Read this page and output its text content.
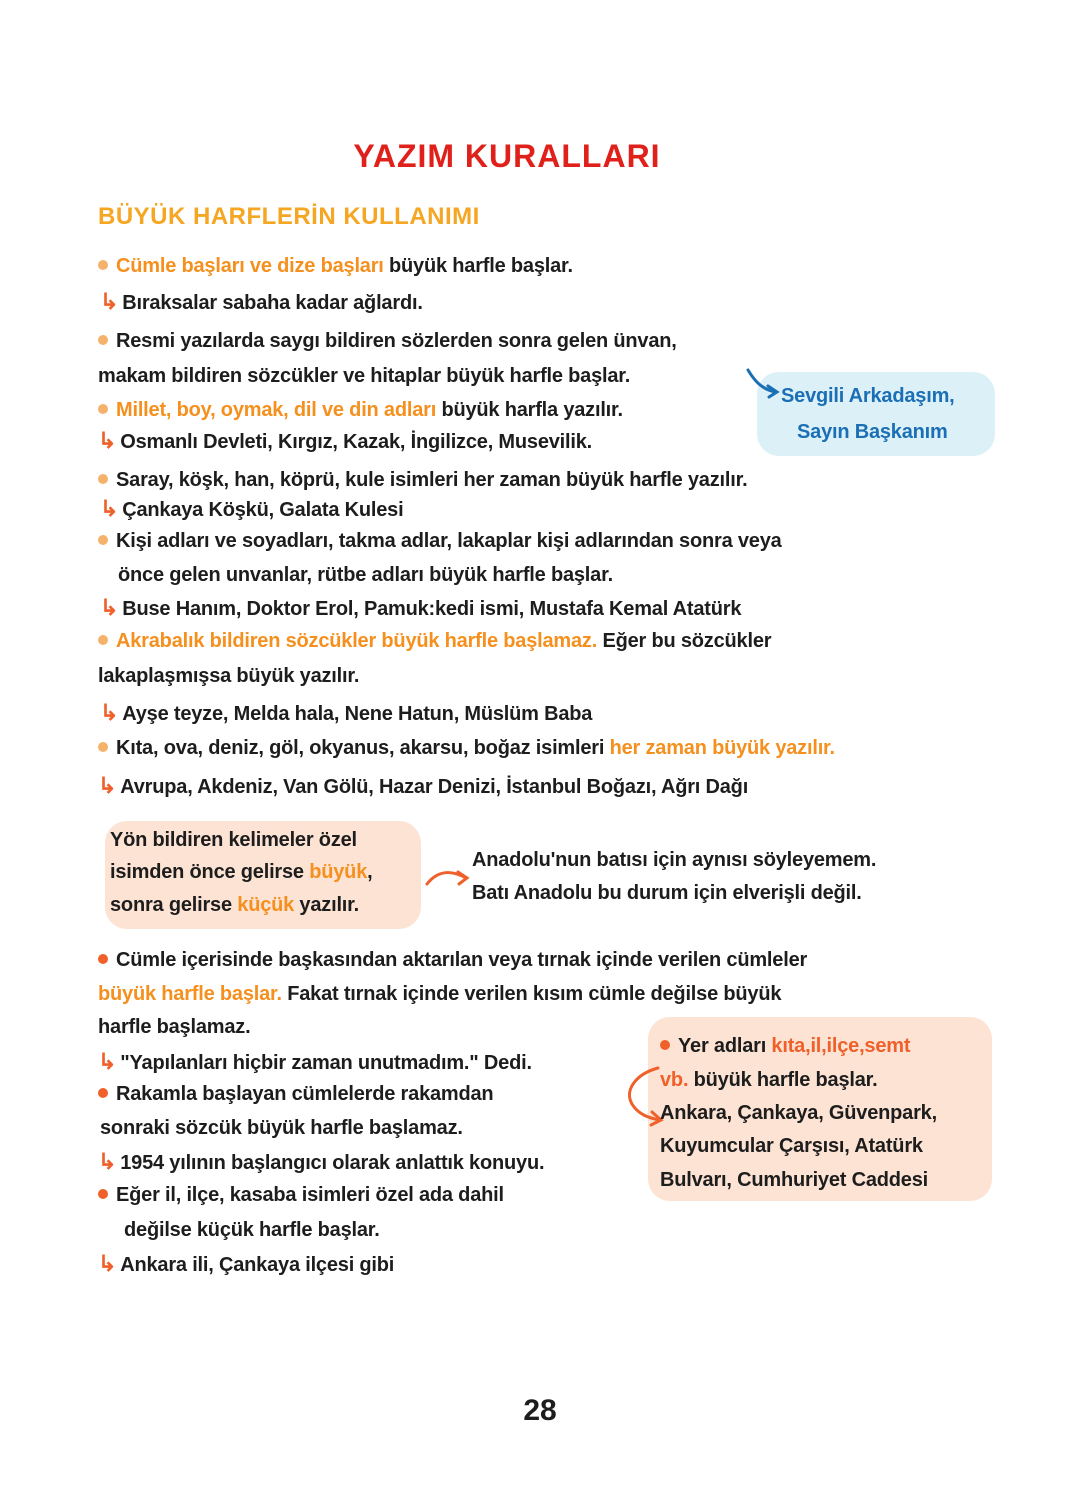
YAZIM KURALLARI
BÜYÜK HARFLERİN KULLANIMI
Cümle başları ve dize başları büyük harfle başlar.
↳ Bıraksalar sabaha kadar ağlardı.
Resmi yazılarda saygı bildiren sözlerden sonra gelen ünvan,
makam bildiren sözcükler ve hitaplar büyük harfle başlar.
Millet, boy, oymak, dil ve din adları büyük harfla yazılır.
↳ Osmanlı Devleti, Kırgız, Kazak, İngilizce, Musevilik.
Saray, köşk, han, köprü, kule isimleri her zaman büyük harfle yazılır.
↳ Çankaya Köşkü, Galata Kulesi
Kişi adları ve soyadları, takma adlar, lakaplar kişi adlarından sonra veya
önce gelen unvanlar, rütbe adları büyük harfle başlar.
↳ Buse Hanım, Doktor Erol, Pamuk:kedi ismi, Mustafa Kemal Atatürk
Akrabalık bildiren sözcükler büyük harfle başlamaz. Eğer bu sözcükler
lakaplaşmışsa büyük yazılır.
↳ Ayşe teyze, Melda hala, Nene Hatun, Müslüm Baba
Kıta, ova, deniz, göl, okyanus, akarsu, boğaz isimleri her zaman büyük yazılır.
↳ Avrupa, Akdeniz, Van Gölü, Hazar Denizi, İstanbul Boğazı, Ağrı Dağı
Yön bildiren kelimeler özel
isimden önce gelirse büyük,
sonra gelirse küçük yazılır.
Anadolu'nun batısı için aynısı söyleyemem.
Batı Anadolu bu durum için elverişli değil.
Cümle içerisinde başkasından aktarılan veya tırnak içinde verilen cümleler
büyük harfle başlar. Fakat tırnak içinde verilen kısım cümle değilse büyük
harfle başlamaz.
↳ "Yapılanları hiçbir zaman unutmadım." Dedi.
Rakamla başlayan cümlelerde rakamdan
sonraki sözcük büyük harfle başlamaz.
↳ 1954 yılının başlangıcı olarak anlattık konuyu.
Eğer il, ilçe, kasaba isimleri özel ada dahil
değilse küçük harfle başlar.
↳ Ankara ili, Çankaya ilçesi gibi
Yer adları kıta,il,ilçe,semt
vb. büyük harfle başlar.
Ankara, Çankaya, Güvenpark,
Kuyumcular Çarşısı, Atatürk
Bulvarı, Cumhuriyet Caddesi
Sevgili Arkadaşım,
Sayın Başkanım
28
